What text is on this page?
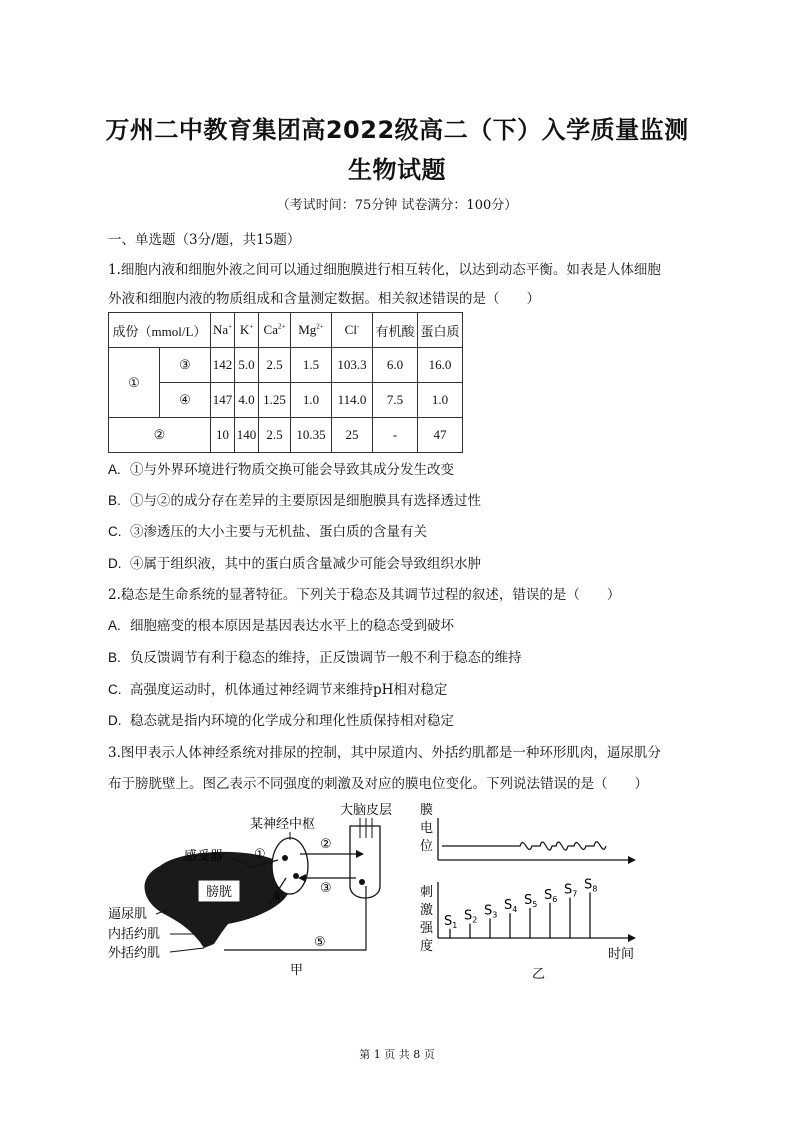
万州二中教育集团高2022级高二（下）入学质量监测
生物试题
（考试时间：75分钟 试卷满分：100分）
一、单选题（3分/题，共15题）
1.细胞内液和细胞外液之间可以通过细胞膜进行相互转化，以达到动态平衡。如表是人体细胞
外液和细胞内液的物质组成和含量测定数据。相关叙述错误的是（　　）
成份（mmol/L）		Na+	K+	$Ca^{2+}$	$Mg^{2+}$	Cl-	有机酸	蛋白质
①	③	142	5.0	2.5	1.5	103.3	6.0	16.0
	④	147	4.0	1.25	1.0	114.0	7.5	1.0
②		10	140	2.5	10.35	25	-	47
A. ①与外界环境进行物质交换可能会导致其成分发生改变
B. ①与②的成分存在差异的主要原因是细胞膜具有选择透过性
C. ③渗透压的大小主要与无机盐、蛋白质的含量有关
D. ④属于组织液，其中的蛋白质含量减少可能会导致组织水肿
2.稳态是生命系统的显著特征。下列关于稳态及其调节过程的叙述，错误的是（　　）
A. 细胞癌变的根本原因是基因表达水平上的稳态受到破坏
B. 负反馈调节有利于稳态的维持，正反馈调节一般不利于稳态的维持
C. 高强度运动时，机体通过神经调节来维持pH相对稳定
D. 稳态就是指内环境的化学成分和理化性质保持相对稳定
3.图甲表示人体神经系统对排尿的控制，其中尿道内、外括约肌都是一种环形肌肉，逼尿肌分
布于膀胱壁上。图乙表示不同强度的刺激及对应的膜电位变化。下列说法错误的是（　　）
膀胱
感受器
某神经中枢
①
④
大脑皮层
②
③
⑤
逼尿肌
内括约肌
外括约肌
甲
膜
电
位
刺
激
强
度
时间
$S_1$
$S_2$
$S_3$
$S_4$
$S_5$
$S_6$
$S_7$
$S_8$
乙
第 1 页 共 8 页
